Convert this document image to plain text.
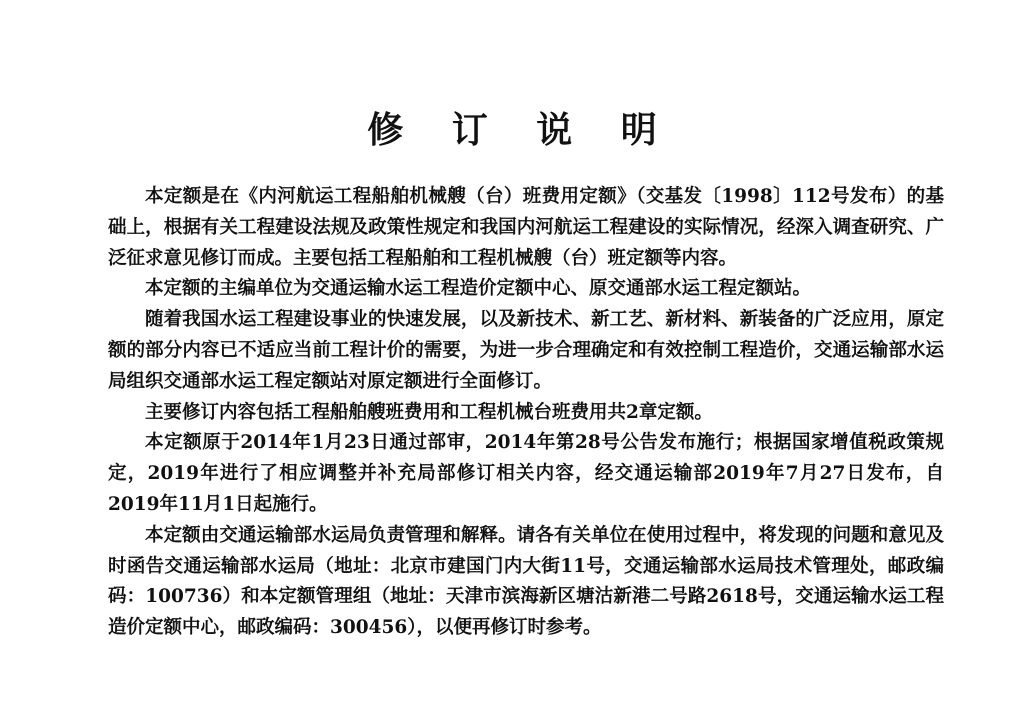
修 订 说 明

本定额是在《内河航运工程船舶机械艘（台）班费用定额》（交基发〔1998〕112号发布）的基础上，根据有关工程建设法规及政策性规定和我国内河航运工程建设的实际情况，经深入调查研究、广泛征求意见修订而成。主要包括工程船舶和工程机械艘（台）班定额等内容。

本定额的主编单位为交通运输水运工程造价定额中心、原交通部水运工程定额站。

随着我国水运工程建设事业的快速发展，以及新技术、新工艺、新材料、新装备的广泛应用，原定额的部分内容已不适应当前工程计价的需要，为进一步合理确定和有效控制工程造价，交通运输部水运局组织交通部水运工程定额站对原定额进行全面修订。

主要修订内容包括工程船舶艘班费用和工程机械台班费用共2章定额。

本定额原于2014年1月23日通过部审，2014年第28号公告发布施行；根据国家增值税政策规定，2019年进行了相应调整并补充局部修订相关内容，经交通运输部2019年7月27日发布，自2019年11月1日起施行。

本定额由交通运输部水运局负责管理和解释。请各有关单位在使用过程中，将发现的问题和意见及时函告交通运输部水运局（地址：北京市建国门内大街11号，交通运输部水运局技术管理处，邮政编码：100736）和本定额管理组（地址：天津市滨海新区塘沽新港二号路2618号，交通运输水运工程造价定额中心，邮政编码：300456），以便再修订时参考。
